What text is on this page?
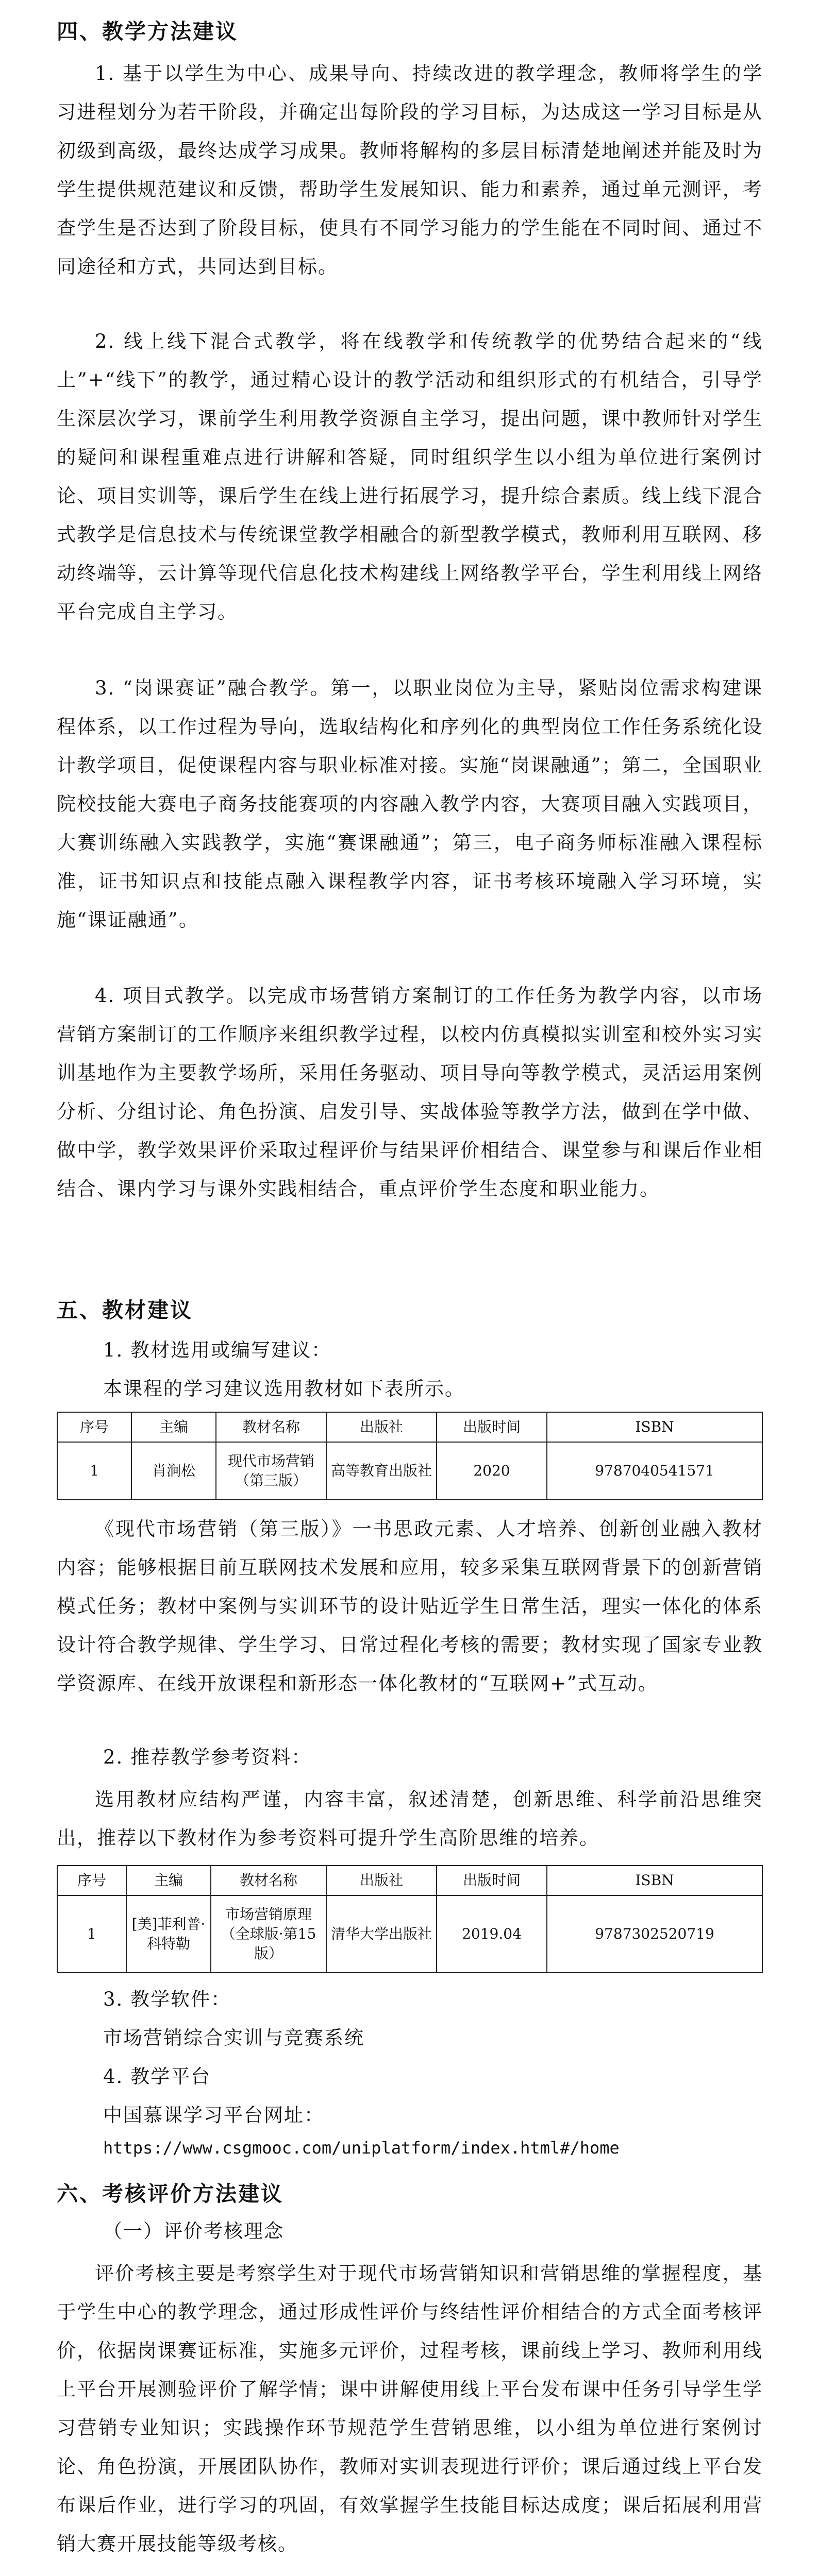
四、教学方法建议
1. 基于以学生为中心、成果导向、持续改进的教学理念，教师将学生的学习进程划分为若干阶段，并确定出每阶段的学习目标，为达成这一学习目标是从初级到高级，最终达成学习成果。教师将解构的多层目标清楚地阐述并能及时为学生提供规范建议和反馈，帮助学生发展知识、能力和素养，通过单元测评，考查学生是否达到了阶段目标，使具有不同学习能力的学生能在不同时间、通过不同途径和方式，共同达到目标。
2. 线上线下混合式教学，将在线教学和传统教学的优势结合起来的“线上”+“线下”的教学，通过精心设计的教学活动和组织形式的有机结合，引导学生深层次学习，课前学生利用教学资源自主学习，提出问题，课中教师针对学生的疑问和课程重难点进行讲解和答疑，同时组织学生以小组为单位进行案例讨论、项目实训等，课后学生在线上进行拓展学习，提升综合素质。线上线下混合式教学是信息技术与传统课堂教学相融合的新型教学模式，教师利用互联网、移动终端等，云计算等现代信息化技术构建线上网络教学平台，学生利用线上网络平台完成自主学习。
3. “岗课赛证”融合教学。第一，以职业岗位为主导，紧贴岗位需求构建课程体系，以工作过程为导向，选取结构化和序列化的典型岗位工作任务系统化设计教学项目，促使课程内容与职业标准对接。实施“岗课融通”；第二，全国职业院校技能大赛电子商务技能赛项的内容融入教学内容，大赛项目融入实践项目，大赛训练融入实践教学，实施“赛课融通”；第三，电子商务师标准融入课程标准，证书知识点和技能点融入课程教学内容，证书考核环境融入学习环境，实施“课证融通”。
4. 项目式教学。以完成市场营销方案制订的工作任务为教学内容，以市场营销方案制订的工作顺序来组织教学过程，以校内仿真模拟实训室和校外实习实训基地作为主要教学场所，采用任务驱动、项目导向等教学模式，灵活运用案例分析、分组讨论、角色扮演、启发引导、实战体验等教学方法，做到在学中做、做中学，教学效果评价采取过程评价与结果评价相结合、课堂参与和课后作业相结合、课内学习与课外实践相结合，重点评价学生态度和职业能力。
五、教材建议
1. 教材选用或编写建议：
本课程的学习建议选用教材如下表所示。
序号	主编	教材名称	出版社	出版时间	ISBN
1	肖涧松	现代市场营销（第三版）	高等教育出版社	2020	9787040541571
《现代市场营销（第三版）》一书思政元素、人才培养、创新创业融入教材内容；能够根据目前互联网技术发展和应用，较多采集互联网背景下的创新营销模式任务；教材中案例与实训环节的设计贴近学生日常生活，理实一体化的体系设计符合教学规律、学生学习、日常过程化考核的需要；教材实现了国家专业教学资源库、在线开放课程和新形态一体化教材的“互联网+”式互动。
2. 推荐教学参考资料：
选用教材应结构严谨，内容丰富，叙述清楚，创新思维、科学前沿思维突出，推荐以下教材作为参考资料可提升学生高阶思维的培养。
序号	主编	教材名称	出版社	出版时间	ISBN
1	[美]菲利普·科特勒	市场营销原理（全球版·第15版）	清华大学出版社	2019.04	9787302520719
3. 教学软件：
市场营销综合实训与竞赛系统
4. 教学平台
中国慕课学习平台网址：
https://www.csgmooc.com/uniplatform/index.html#/home
六、考核评价方法建议
（一）评价考核理念
评价考核主要是考察学生对于现代市场营销知识和营销思维的掌握程度，基于学生中心的教学理念，通过形成性评价与终结性评价相结合的方式全面考核评价，依据岗课赛证标准，实施多元评价，过程考核，课前线上学习、教师利用线上平台开展测验评价了解学情；课中讲解使用线上平台发布课中任务引导学生学习营销专业知识；实践操作环节规范学生营销思维，以小组为单位进行案例讨论、角色扮演，开展团队协作，教师对实训表现进行评价；课后通过线上平台发布课后作业，进行学习的巩固，有效掌握学生技能目标达成度；课后拓展利用营销大赛开展技能等级考核。
